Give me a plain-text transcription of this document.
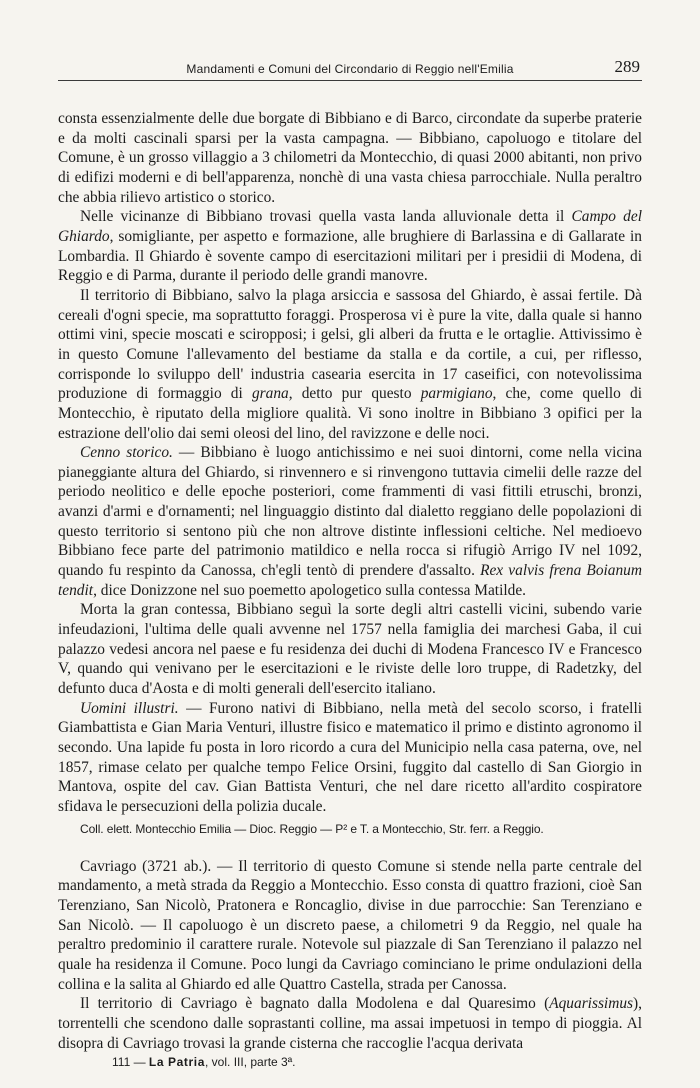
Mandamenti e Comuni del Circondario di Reggio nell'Emilia	289

consta essenzialmente delle due borgate di Bibbiano e di Barco, circondate da superbe praterie e da molti cascinali sparsi per la vasta campagna. — Bibbiano, capoluogo e titolare del Comune, è un grosso villaggio a 3 chilometri da Montecchio, di quasi 2000 abitanti, non privo di edifizi moderni e di bell'apparenza, nonchè di una vasta chiesa parrocchiale. Nulla peraltro che abbia rilievo artistico o storico.

Nelle vicinanze di Bibbiano trovasi quella vasta landa alluvionale detta il Campo del Ghiardo, somigliante, per aspetto e formazione, alle brughiere di Barlassina e di Gallarate in Lombardia. Il Ghiardo è sovente campo di esercitazioni militari per i presidii di Modena, di Reggio e di Parma, durante il periodo delle grandi manovre.

Il territorio di Bibbiano, salvo la plaga arsiccia e sassosa del Ghiardo, è assai fertile. Dà cereali d'ogni specie, ma soprattutto foraggi. Prosperosa vi è pure la vite, dalla quale si hanno ottimi vini, specie moscati e sciropposi; i gelsi, gli alberi da frutta e le ortaglie. Attivissimo è in questo Comune l'allevamento del bestiame da stalla e da cortile, a cui, per riflesso, corrisponde lo sviluppo dell' industria casearia esercita in 17 caseifici, con notevolissima produzione di formaggio di grana, detto pur questo parmigiano, che, come quello di Montecchio, è riputato della migliore qualità. Vi sono inoltre in Bibbiano 3 opifici per la estrazione dell'olio dai semi oleosi del lino, del ravizzone e delle noci.

Cenno storico. — Bibbiano è luogo antichissimo e nei suoi dintorni, come nella vicina pianeggiante altura del Ghiardo, si rinvennero e si rinvengono tuttavia cimelii delle razze del periodo neolitico e delle epoche posteriori, come frammenti di vasi fittili etruschi, bronzi, avanzi d'armi e d'ornamenti; nel linguaggio distinto dal dialetto reggiano delle popolazioni di questo territorio si sentono più che non altrove distinte inflessioni celtiche. Nel medioevo Bibbiano fece parte del patrimonio matildico e nella rocca si rifugiò Arrigo IV nel 1092, quando fu respinto da Canossa, ch'egli tentò di prendere d'assalto. Rex valvis frena Boianum tendit, dice Donizzone nel suo poemetto apologetico sulla contessa Matilde.

Morta la gran contessa, Bibbiano seguì la sorte degli altri castelli vicini, subendo varie infeudazioni, l'ultima delle quali avvenne nel 1757 nella famiglia dei marchesi Gaba, il cui palazzo vedesi ancora nel paese e fu residenza dei duchi di Modena Francesco IV e Francesco V, quando qui venivano per le esercitazioni e le riviste delle loro truppe, di Radetzky, del defunto duca d'Aosta e di molti generali dell'esercito italiano.

Uomini illustri. — Furono nativi di Bibbiano, nella metà del secolo scorso, i fratelli Giambattista e Gian Maria Venturi, illustre fisico e matematico il primo e distinto agronomo il secondo. Una lapide fu posta in loro ricordo a cura del Municipio nella casa paterna, ove, nel 1857, rimase celato per qualche tempo Felice Orsini, fuggito dal castello di San Giorgio in Mantova, ospite del cav. Gian Battista Venturi, che nel dare ricetto all'ardito cospiratore sfidava le persecuzioni della polizia ducale.

Coll. elett. Montecchio Emilia — Dioc. Reggio — P² e T. a Montecchio, Str. ferr. a Reggio.

Cavriago (3721 ab.). — Il territorio di questo Comune si stende nella parte centrale del mandamento, a metà strada da Reggio a Montecchio. Esso consta di quattro frazioni, cioè San Terenziano, San Nicolò, Pratonera e Roncaglio, divise in due parrocchie: San Terenziano e San Nicolò. — Il capoluogo è un discreto paese, a chilometri 9 da Reggio, nel quale ha peraltro predominio il carattere rurale. Notevole sul piazzale di San Terenziano il palazzo nel quale ha residenza il Comune. Poco lungi da Cavriago cominciano le prime ondulazioni della collina e la salita al Ghiardo ed alle Quattro Castella, strada per Canossa.

Il territorio di Cavriago è bagnato dalla Modolena e dal Quaresimo (Aquarissimus), torrentelli che scendono dalle soprastanti colline, ma assai impetuosi in tempo di pioggia. Al disopra di Cavriago trovasi la grande cisterna che raccoglie l'acqua derivata

111 — La Patria, vol. III, parte 3ª.
